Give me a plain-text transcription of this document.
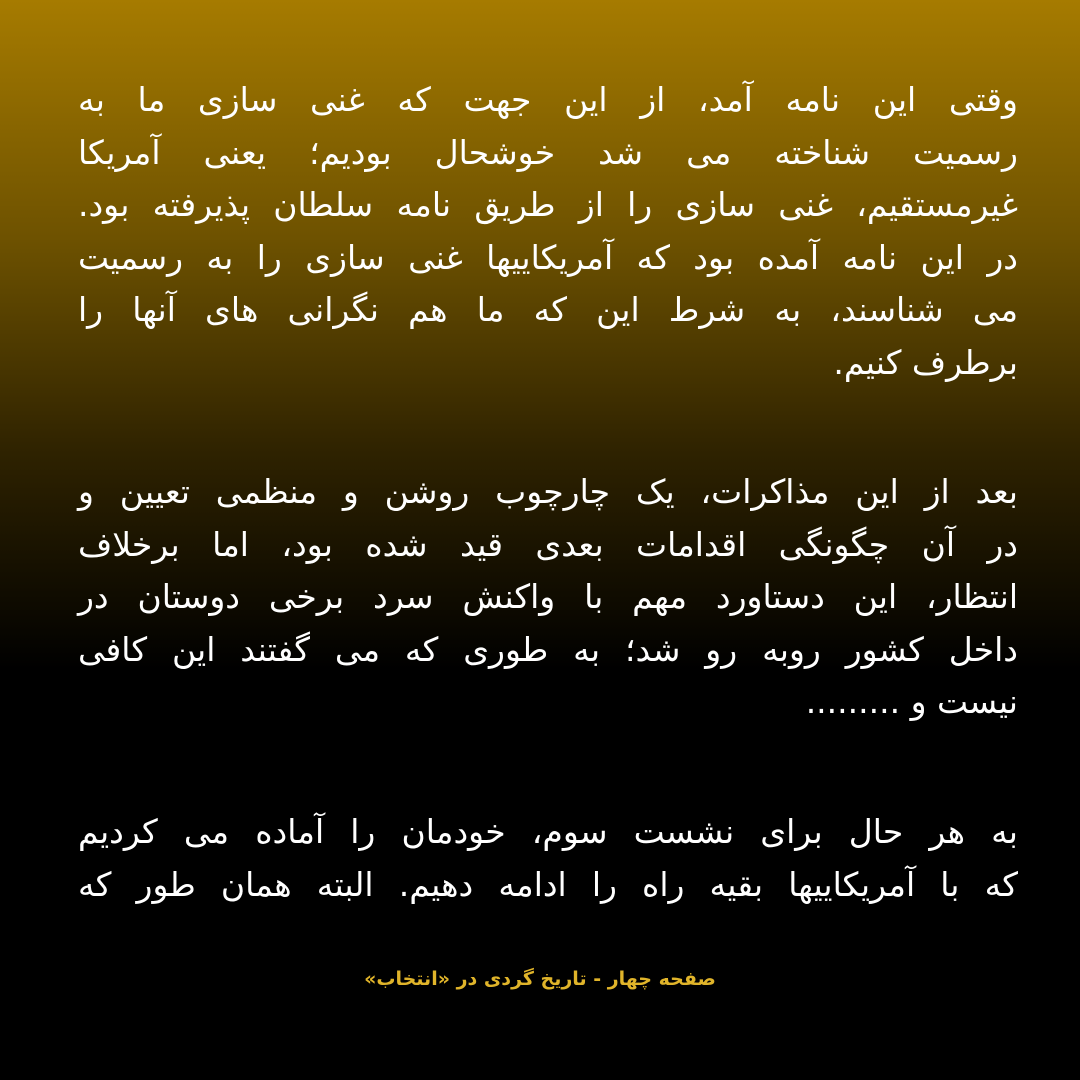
وقتی این نامه آمد، از این جهت که غنی سازی ما به
رسمیت شناخته می شد خوشحال بودیم؛ یعنی آمریکا
غیرمستقیم، غنی سازی را از طریق نامه سلطان پذیرفته بود.
در این نامه آمده بود که آمریکاییها غنی سازی را به رسمیت
می شناسند، به شرط این که ما هم نگرانی های آنها را
برطرف کنیم.
بعد از این مذاکرات، یک چارچوب روشن و منظمی تعیین و
در آن چگونگی اقدامات بعدی قید شده بود، اما برخلاف
انتظار، این دستاورد مهم با واکنش سرد برخی دوستان در
داخل کشور روبه رو شد؛ به طوری که می گفتند این کافی
نیست و .........
به هر حال برای نشست سوم، خودمان را آماده می کردیم
که با آمریکاییها بقیه راه را ادامه دهیم. البته همان طور که
صفحه چهار - تاریخ گردی در «انتخاب»
